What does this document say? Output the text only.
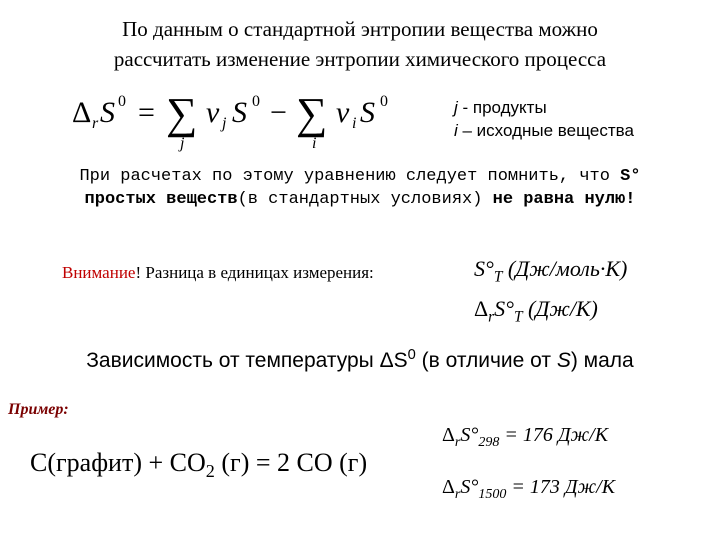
По данным о стандартной энтропии вещества можно
рассчитать изменение энтропии химического процесса
Δ r S 0 = ∑
j
ν j S 0 − ∑
i
ν i S 0	j - продукты
i – исходные вещества
При расчетах по этому уравнению следует помнить, что S°
простых веществ(в стандартных условиях) не равна нулю!
Внимание! Разница в единицах измерения:	$S^\circ_T$ (Дж/моль·К)
$\Delta_rS^\circ_T$ (Дж/К)
Зависимость от температуры $\Delta S^0$ (в отличие от S) мала
Пример:
С(графит) + $СО_2$ (г) = 2 СО (г)
$\Delta_rS^\circ_{298} = 176$ Дж/К
$\Delta_rS^\circ_{1500} = 173$ Дж/К
